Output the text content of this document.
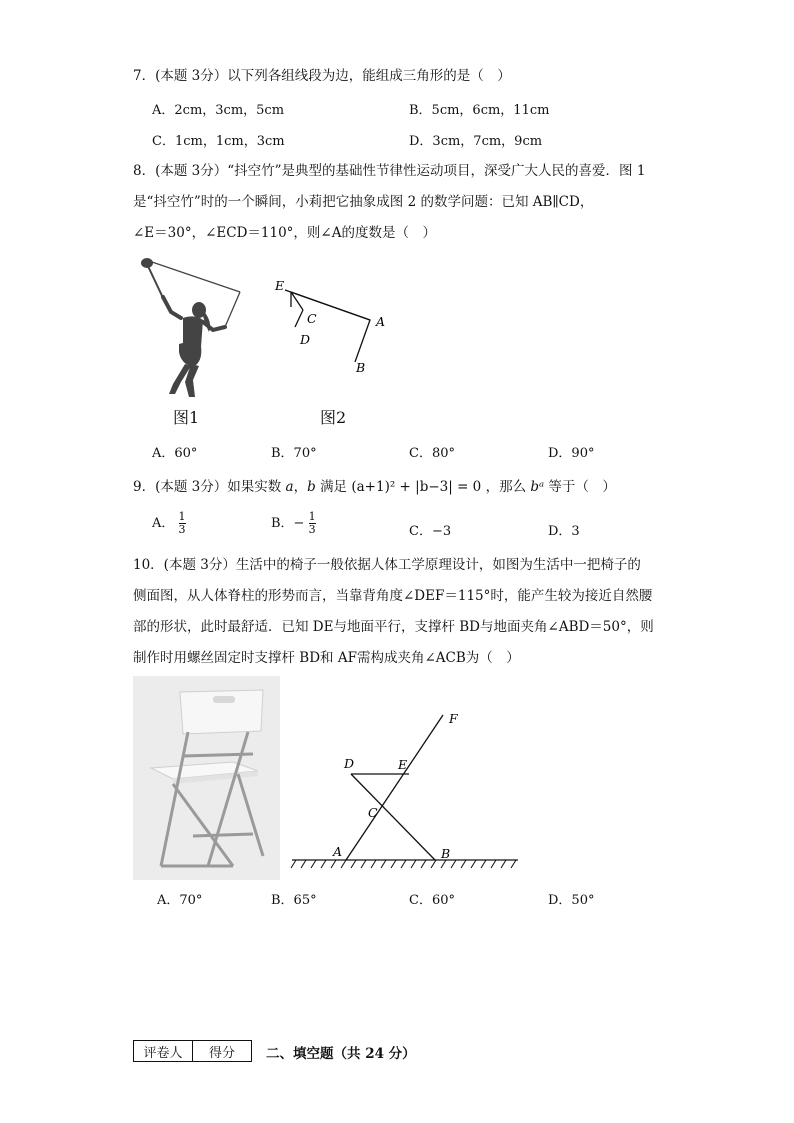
7．(本题 3分）以下列各组线段为边，能组成三角形的是（　）
A．2cm，3cm，5cm	B．5cm，6cm，11cm
C．1cm，1cm，3cm	D．3cm，7cm，9cm
8．(本题 3分）“抖空竹”是典型的基础性节律性运动项目，深受广大人民的喜爱．图 1
是“抖空竹”时的一个瞬间，小莉把它抽象成图 2 的数学问题：已知 AB∥CD，
∠E＝30°，∠ECD＝110°，则∠A的度数是（　）
图1
E
C
D
A
B
图2
A．60°	B．70°	C．80°	D．90°
9．(本题 3分）如果实数 a，b 满足 (a+1)² + |b−3| = 0 ，那么 bᵃ 等于（　）
A． $\frac{1}{3}$	B．− $\frac{1}{3}$	C．−3	D．3
10．(本题 3分）生活中的椅子一般依据人体工学原理设计，如图为生活中一把椅子的
侧面图，从人体脊柱的形势而言，当靠背角度∠DEF＝115°时，能产生较为接近自然腰
部的形状，此时最舒适．已知 DE与地面平行，支撑杆 BD与地面夹角∠ABD＝50°，则
制作时用螺丝固定时支撑杆 BD和 AF需构成夹角∠ACB为（　）
F
D	E
C
A	B
A．70°	B．65°	C．60°	D．50°
评卷人	得分	二、填空题（共 24 分）
